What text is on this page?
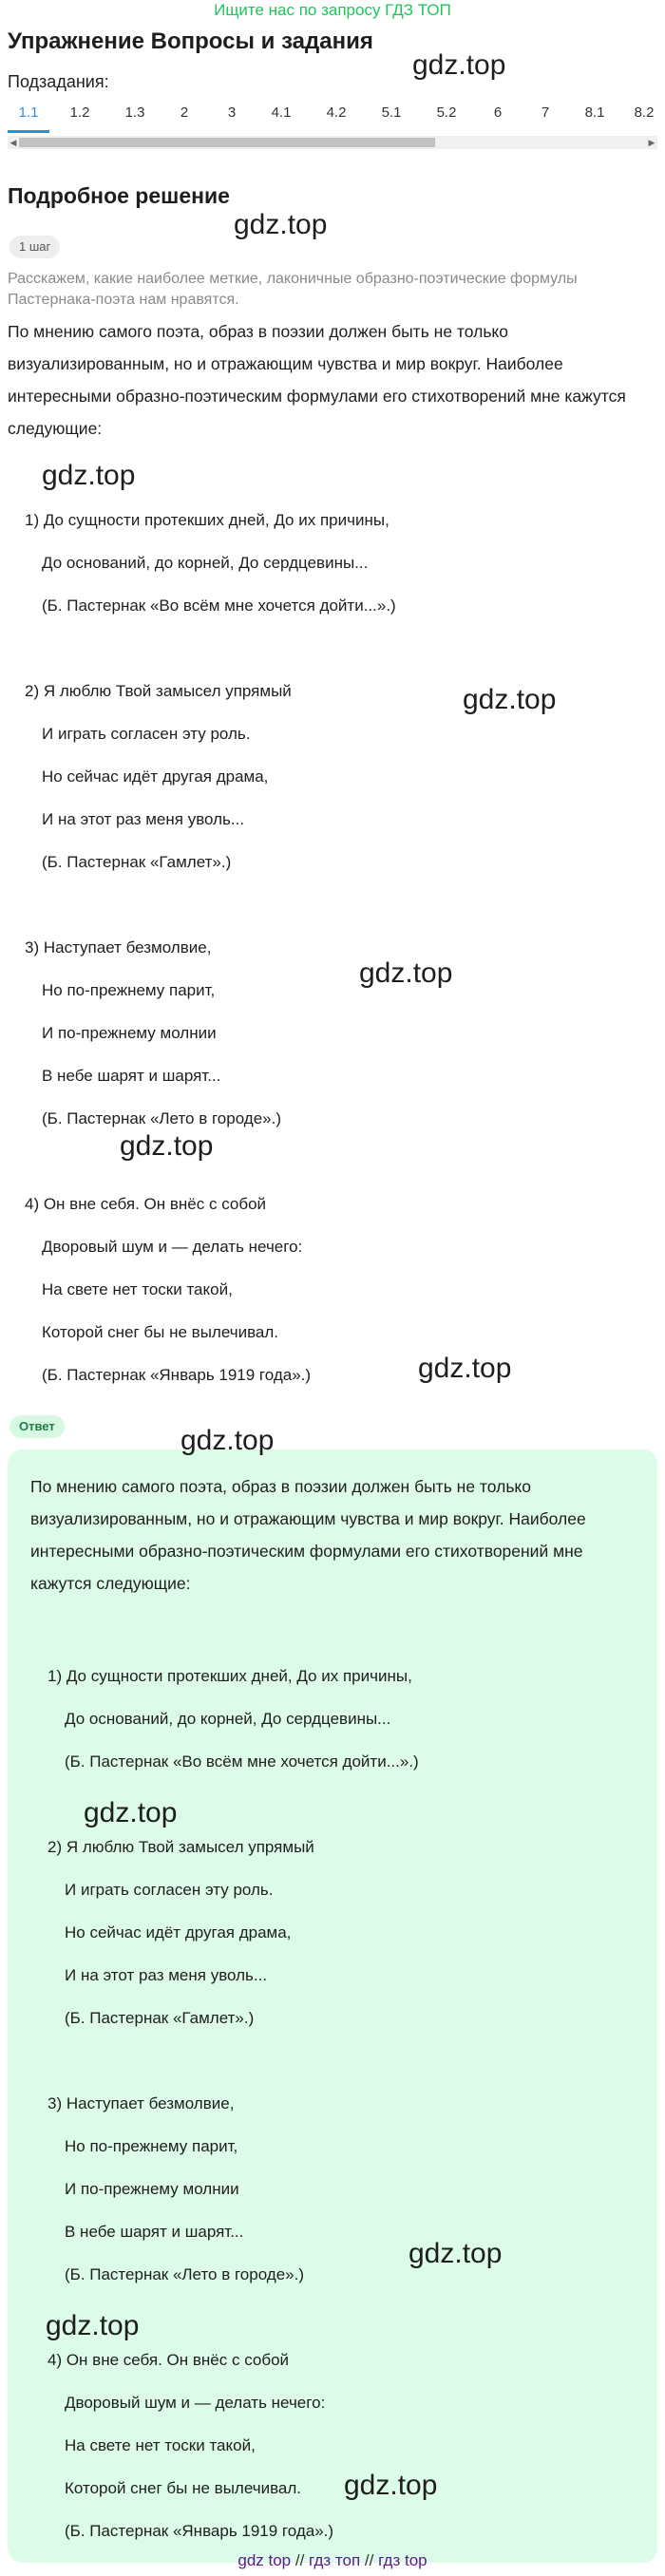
Ищите нас по запросу ГДЗ ТОП
Упражнение Вопросы и задания
Подзадания:
1.1	1.2	1.3	2	3	4.1	4.2	5.1	5.2	6	7	8.1	8.2
◀	▶
Подробное решение
1 шаг
Расскажем, какие наиболее меткие, лаконичные образно-поэтические формулы Пастернака-поэта нам нравятся.
По мнению самого поэта, образ в поэзии должен быть не только визуализированным, но и отражающим чувства и мир вокруг. Наиболее интересными образно-поэтическим формулами его стихотворений мне кажутся следующие:
1) До сущности протекших дней, До их причины,
До оснований, до корней, До сердцевины...
(Б. Пастернак «Во всём мне хочется дойти...».)
2) Я люблю Твой замысел упрямый
И играть согласен эту роль.
Но сейчас идёт другая драма,
И на этот раз меня уволь...
(Б. Пастернак «Гамлет».)
3) Наступает безмолвие,
Но по-прежнему парит,
И по-прежнему молнии
В небе шарят и шарят...
(Б. Пастернак «Лето в городе».)
4) Он вне себя. Он внёс с собой
Дворовый шум и — делать нечего:
На свете нет тоски такой,
Которой снег бы не вылечивал.
(Б. Пастернак «Январь 1919 года».)
Ответ
По мнению самого поэта, образ в поэзии должен быть не только визуализированным, но и отражающим чувства и мир вокруг. Наиболее интересными образно-поэтическим формулами его стихотворений мне кажутся следующие:
1) До сущности протекших дней, До их причины,
До оснований, до корней, До сердцевины...
(Б. Пастернак «Во всём мне хочется дойти...».)
2) Я люблю Твой замысел упрямый
И играть согласен эту роль.
Но сейчас идёт другая драма,
И на этот раз меня уволь...
(Б. Пастернак «Гамлет».)
3) Наступает безмолвие,
Но по-прежнему парит,
И по-прежнему молнии
В небе шарят и шарят...
(Б. Пастернак «Лето в городе».)
4) Он вне себя. Он внёс с собой
Дворовый шум и — делать нечего:
На свете нет тоски такой,
Которой снег бы не вылечивал.
(Б. Пастернак «Январь 1919 года».)
gdz.top
gdz.top
gdz.top
gdz.top
gdz.top
gdz.top
gdz.top
gdz.top
gdz.top
gdz.top
gdz.top
gdz.top
gdz top // гдз топ // гдз top
